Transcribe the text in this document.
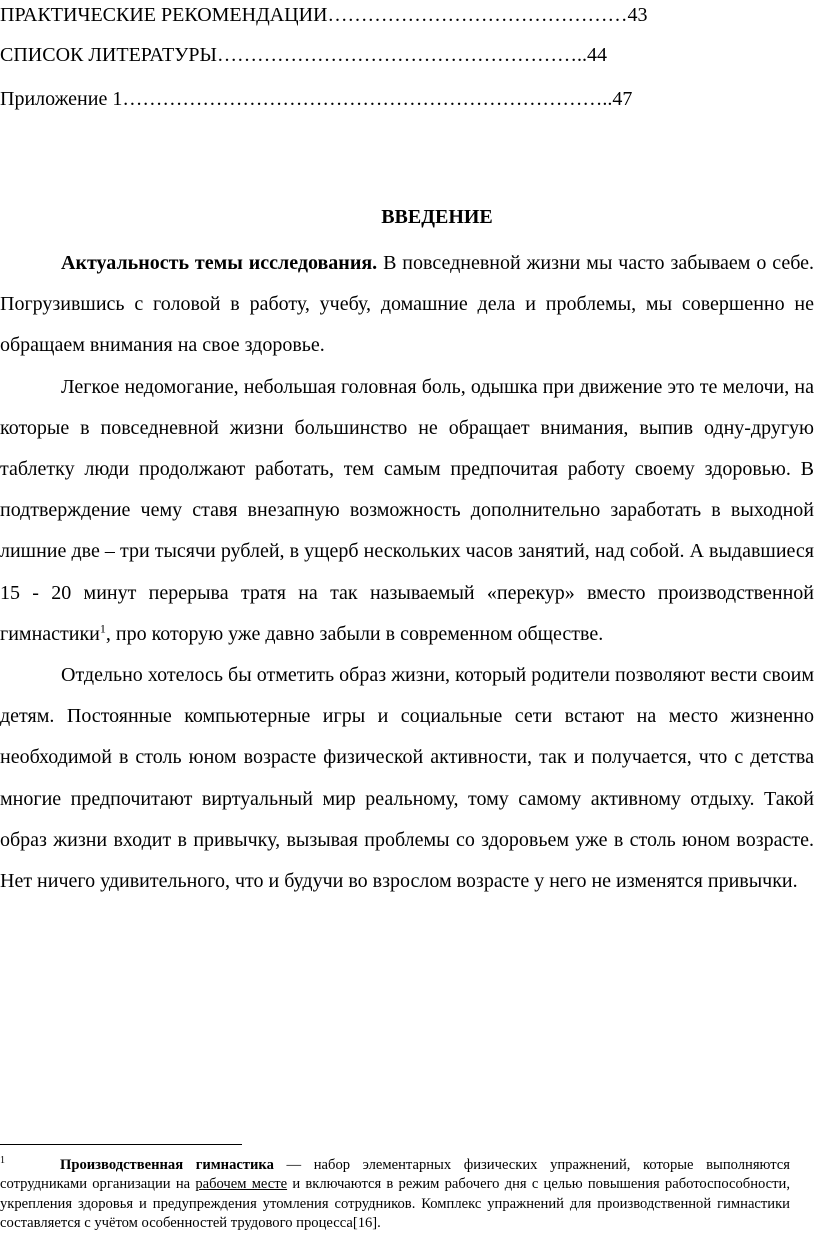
ПРАКТИЧЕСКИЕ РЕКОМЕНДАЦИИ………………………………………43
СПИСОК ЛИТЕРАТУРЫ………………………………………………..44
Приложение 1………………………………………………………………..47
ВВЕДЕНИЕ

Актуальность темы исследования. В повседневной жизни мы часто забываем о себе. Погрузившись с головой в работу, учебу, домашние дела и проблемы, мы совершенно не обращаем внимания на свое здоровье.

Легкое недомогание, небольшая головная боль, одышка при движение это те мелочи, на которые в повседневной жизни большинство не обращает внимания, выпив одну-другую таблетку люди продолжают работать, тем самым предпочитая работу своему здоровью. В подтверждение чему ставя внезапную возможность дополнительно заработать в выходной лишние две – три тысячи рублей, в ущерб нескольких часов занятий, над собой. А выдавшиеся 15 - 20 минут перерыва тратя на так называемый «перекур» вместо производственной гимнастики$^1$, про которую уже давно забыли в современном обществе.

Отдельно хотелось бы отметить образ жизни, который родители позволяют вести своим детям. Постоянные компьютерные игры и социальные сети встают на место жизненно необходимой в столь юном возрасте физической активности, так и получается, что с детства многие предпочитают виртуальный мир реальному, тому самому активному отдыху. Такой образ жизни входит в привычку, вызывая проблемы со здоровьем уже в столь юном возрасте. Нет ничего удивительного, что и будучи во взрослом возрасте у него не изменятся привычки.

1	Производственная гимнастика — набор элементарных физических упражнений, которые выполняются сотрудниками организации на рабочем месте и включаются в режим рабочего дня с целью повышения работоспособности, укрепления здоровья и предупреждения утомления сотрудников. Комплекс упражнений для производственной гимнастики составляется с учётом особенностей трудового процесса[16].
